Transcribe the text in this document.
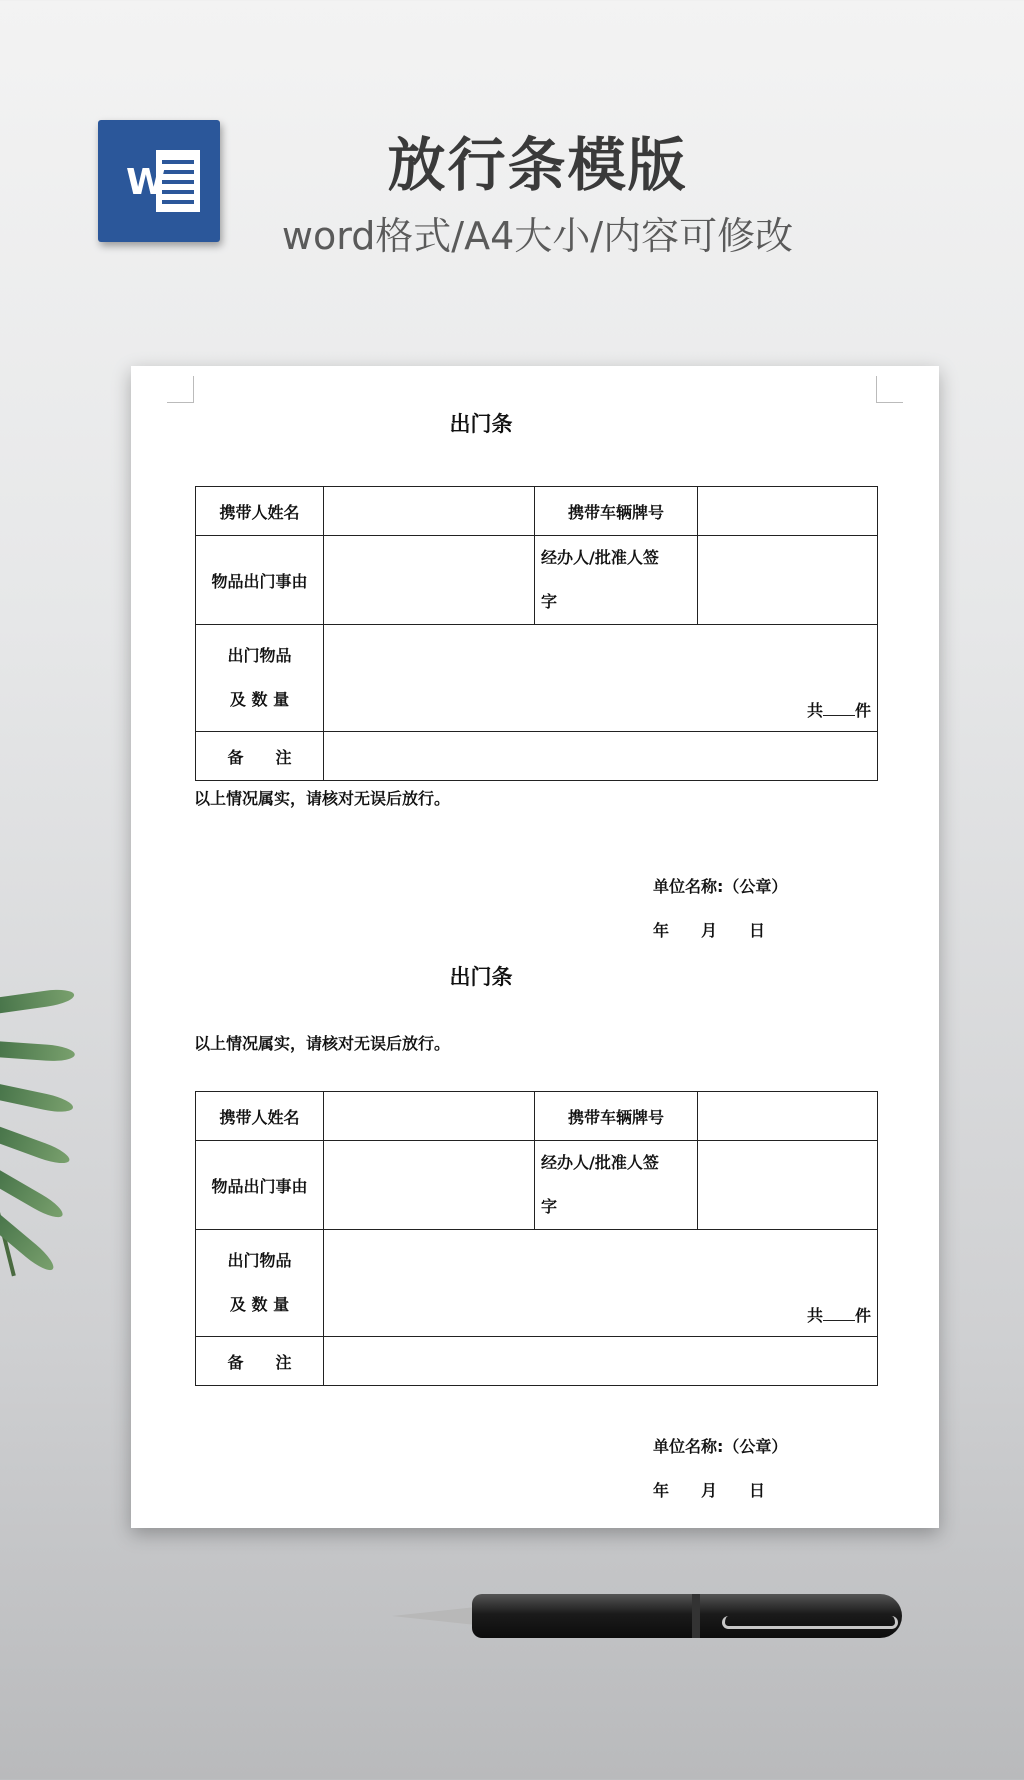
W	放行条模版
word格式/A4大小/内容可修改
出门条
携带人姓名		携带车辆牌号	
物品出门事由		经办人/批准人签
字	
出门物品
及 数 量	共 件		
备　　注			
以上情况属实，请核对无误后放行。
单位名称:（公章）
年　　月　　日
出门条
以上情况属实，请核对无误后放行。
携带人姓名		携带车辆牌号	
物品出门事由		经办人/批准人签
字	
出门物品
及 数 量	共 件		
备　　注			
单位名称:（公章）
年　　月　　日
